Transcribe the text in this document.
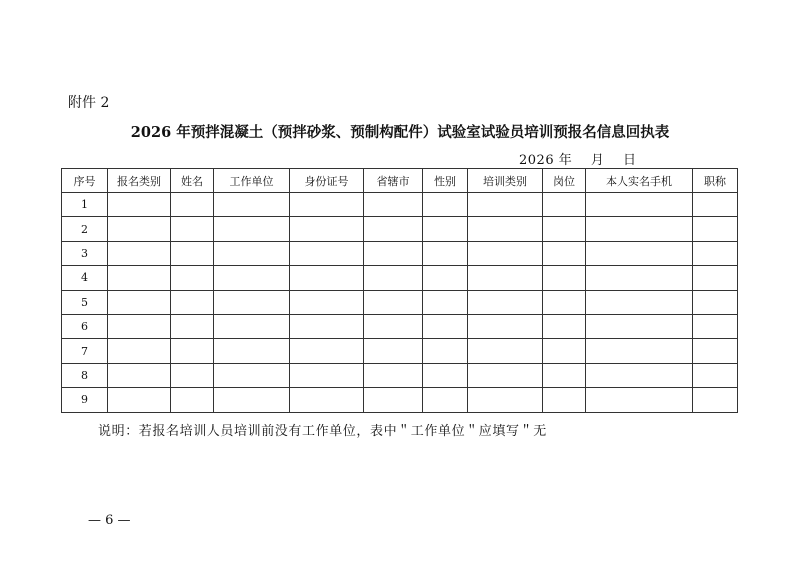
附件 2
2026 年预拌混凝土（预拌砂浆、预制构配件）试验室试验员培训预报名信息回执表
2026 年 月 日
序号	报名类别	姓名	工作单位	身份证号	省辖市	性别	培训类别	岗位	本人实名手机	职称
1										
2										
3										
4										
5										
6										
7										
8										
9										
说明：若报名培训人员培训前没有工作单位，表中＂工作单位＂应填写＂无
— 6 —
